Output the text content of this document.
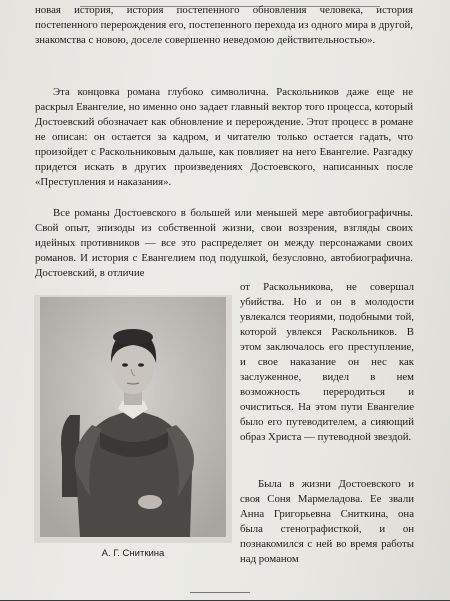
новая история, история постепенного обновления человека, история постепенного перерождения его, постепенного перехода из одного мира в другой, знакомства с новою, доселе совершенно неведомою действительностью».

Эта концовка романа глубоко символична. Раскольников даже еще не раскрыл Евангелие, но именно оно задает главный вектор того процесса, который Достоевский обозначает как обновление и перерождение. Этот процесс в романе не описан: он остается за кадром, и читателю только остается гадать, что произойдет с Раскольниковым дальше, как повлияет на него Евангелие. Разгадку придется искать в других произведениях Достоевского, написанных после «Преступления и наказания».

Все романы Достоевского в большей или меньшей мере автобиографичны. Свой опыт, эпизоды из собственной жизни, свои воззрения, взгляды своих идейных противников — все это распределяет он между персонажами своих романов. И история с Евангелием под подушкой, безусловно, автобиографична. Достоевский, в отличие

от Раскольникова, не совершал убийства. Но и он в молодости увлекался теориями, подобными той, которой увлекся Раскольников. В этом заключалось его преступление, и свое наказание он нес как заслуженное, видел в нем возможность переродиться и очиститься. На этом пути Евангелие было его путеводителем, а сияющий образ Христа — путеводной звездой.

Была в жизни Достоевского и своя Соня Мармеладова. Ее звали Анна Григорьевна Сниткина, она была стенографисткой, и он познакомился с ней во время работы над романом

А. Г. Сниткина
